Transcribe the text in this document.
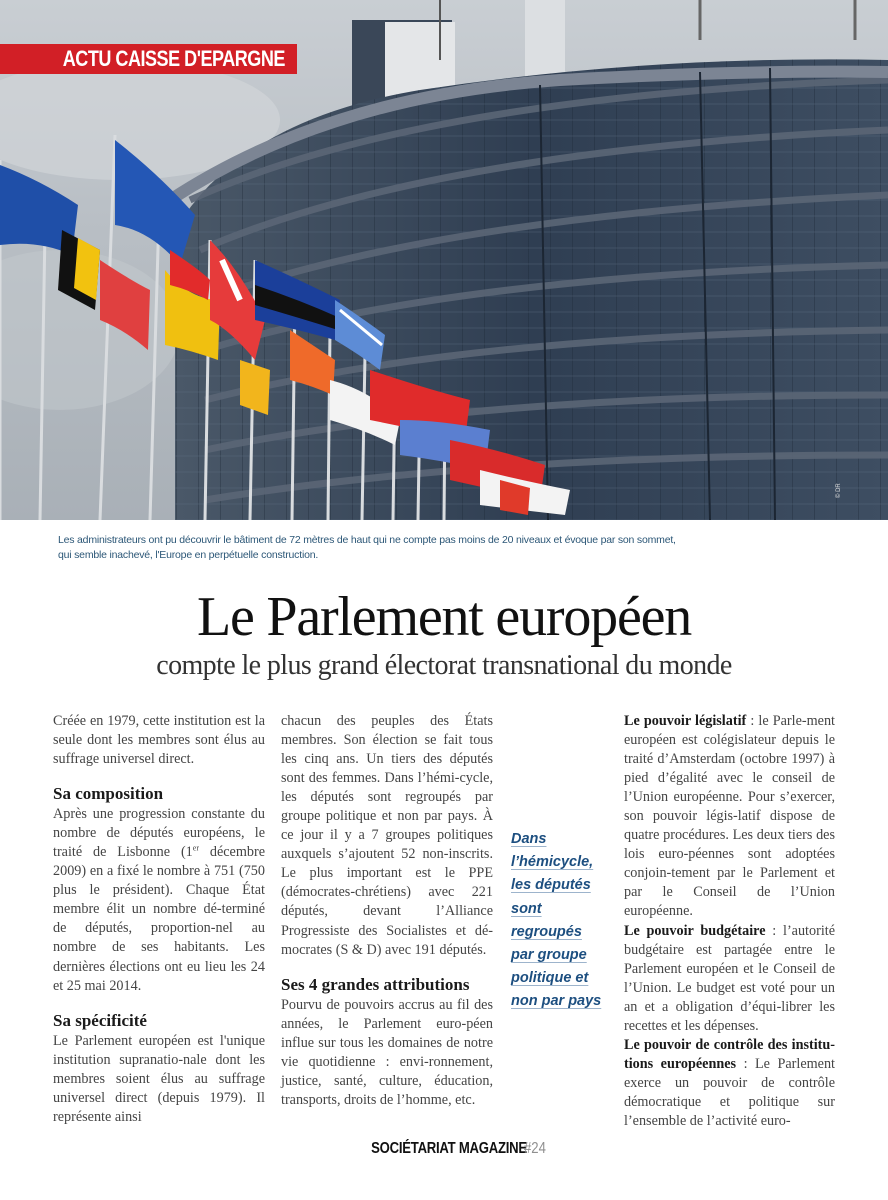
ACTU CAISSE D'EPARGNE
© DR
Les administrateurs ont pu découvrir le bâtiment de 72 mètres de haut qui ne compte pas moins de 20 niveaux et évoque par son sommet,
qui semble inachevé, l'Europe en perpétuelle construction.
Le Parlement européen
compte le plus grand électorat transnational du monde

Créée en 1979, cette institution est la seule dont les membres sont élus au suffrage universel direct.

Sa composition

Après une progression constante du nombre de députés européens, le traité de Lisbonne (1er décembre 2009) en a fixé le nombre à 751 (750 plus le président). Chaque État membre élit un nombre dé-terminé de députés, proportion-nel au nombre de ses habitants. Les dernières élections ont eu lieu les 24 et 25 mai 2014.

Sa spécificité

Le Parlement européen est l'unique institution supranatio-nale dont les membres soient élus au suffrage universel direct (depuis 1979). Il représente ainsi

chacun des peuples des États membres. Son élection se fait tous les cinq ans. Un tiers des députés sont des femmes. Dans l’hémi-cycle, les députés sont regroupés par groupe politique et non par pays. À ce jour il y a 7 groupes politiques auxquels s’ajoutent 52 non-inscrits. Le plus important est le PPE (démocrates-chrétiens) avec 221 députés, devant l’Alliance Progressiste des Socialistes et dé-mocrates (S & D) avec 191 députés.

Ses 4 grandes attributions

Pourvu de pouvoirs accrus au fil des années, le Parlement euro-péen influe sur tous les domaines de notre vie quotidienne : envi-ronnement, justice, santé, culture, éducation, transports, droits de l’homme, etc.

Dans
l’hémicycle,
les députés
sont
regroupés
par groupe
politique et
non par pays

Le pouvoir législatif : le Parle-ment européen est colégislateur depuis le traité d’Amsterdam (octobre 1997) à pied d’égalité avec le conseil de l’Union européenne. Pour s’exercer, son pouvoir légis-latif dispose de quatre procédures. Les deux tiers des lois euro-péennes sont adoptées conjoin-tement par le Parlement et par le Conseil de l’Union européenne.

Le pouvoir budgétaire : l’autorité budgétaire est partagée entre le Parlement européen et le Conseil de l’Union. Le budget est voté pour un an et a obligation d’équi-librer les recettes et les dépenses.

Le pouvoir de contrôle des institu-tions européennes : Le Parlement exerce un pouvoir de contrôle démocratique et politique sur l’ensemble de l’activité euro-

SOCIÉTARIAT MAGAZINE #24
